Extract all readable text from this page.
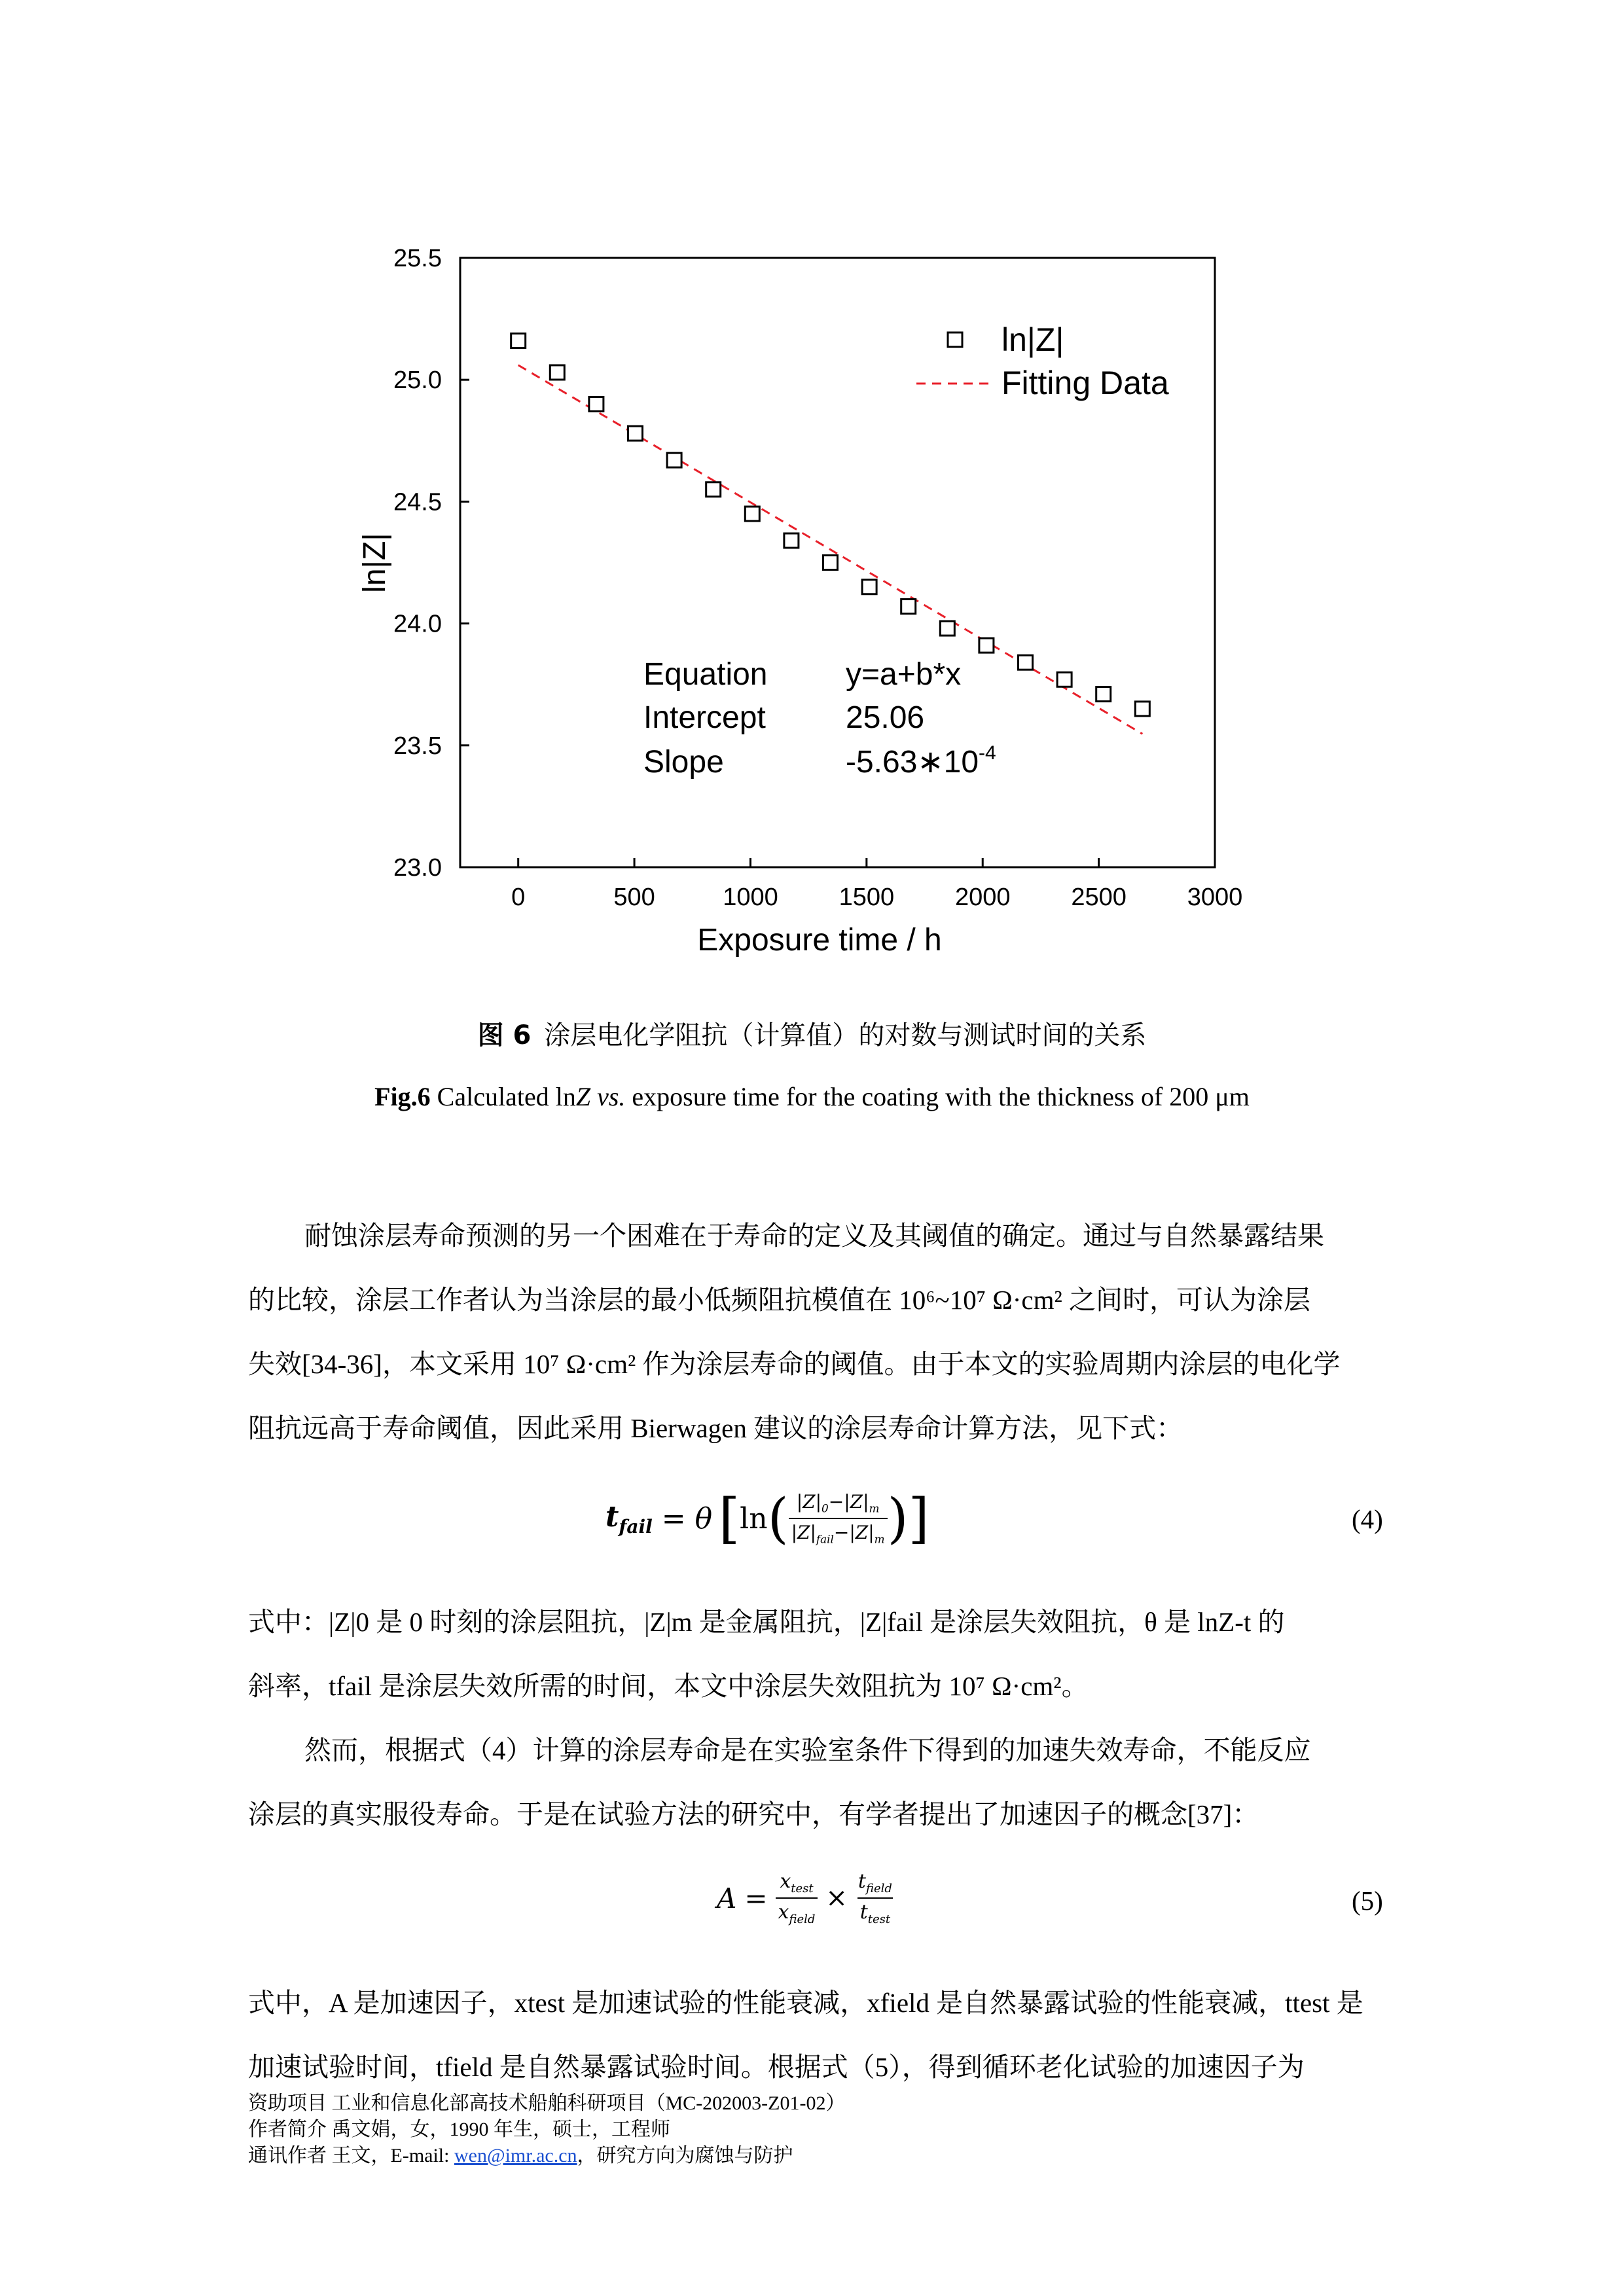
0	500	1000 1500 2000 2500 3000
23.0
23.5
24.0
24.5
25.0
25.5
Exposure time / h
ln|Z|
ln|Z|
Fitting Data
Equation y=a+b*x
Intercept	25.06
Slope	$-5.63∗10^{-4}$
图 6 涂层电化学阻抗（计算值）的对数与测试时间的关系
Fig.6 Calculated lnZ vs. exposure time for the coating with the thickness of 200 μm
耐蚀涂层寿命预测的另一个困难在于寿命的定义及其阈值的确定。通过与自然暴露结果
的比较，涂层工作者认为当涂层的最小低频阻抗模值在 10⁶~10⁷ Ω·cm² 之间时，可认为涂层
失效[34-36]，本文采用 10⁷ Ω·cm² 作为涂层寿命的阈值。由于本文的实验周期内涂层的电化学
阻抗远高于寿命阈值，因此采用 Bierwagen 建议的涂层寿命计算方法，见下式：
$t_{fail} = \theta$ [ ln ( $|Z|_0-|Z|_m$
$|Z|_{fail}-|Z|_m$ ) ]	(4)
式中：|Z|0 是 0 时刻的涂层阻抗，|Z|m 是金属阻抗，|Z|fail 是涂层失效阻抗，θ 是 lnZ-t 的
斜率，tfail 是涂层失效所需的时间，本文中涂层失效阻抗为 10⁷ Ω·cm²。
然而，根据式（4）计算的涂层寿命是在实验室条件下得到的加速失效寿命，不能反应
涂层的真实服役寿命。于是在试验方法的研究中，有学者提出了加速因子的概念[37]：
A =
$x_{test}$
$x_{field}$
×
$t_{field}$
$t_{test}$
(5)
式中，A 是加速因子，xtest 是加速试验的性能衰减，xfield 是自然暴露试验的性能衰减，ttest 是
加速试验时间，tfield 是自然暴露试验时间。根据式（5），得到循环老化试验的加速因子为
资助项目 工业和信息化部高技术船舶科研项目（MC-202003-Z01-02）
作者简介 禹文娟，女，1990 年生，硕士，工程师
通讯作者 王文，E-mail: wen@imr.ac.cn，研究方向为腐蚀与防护
